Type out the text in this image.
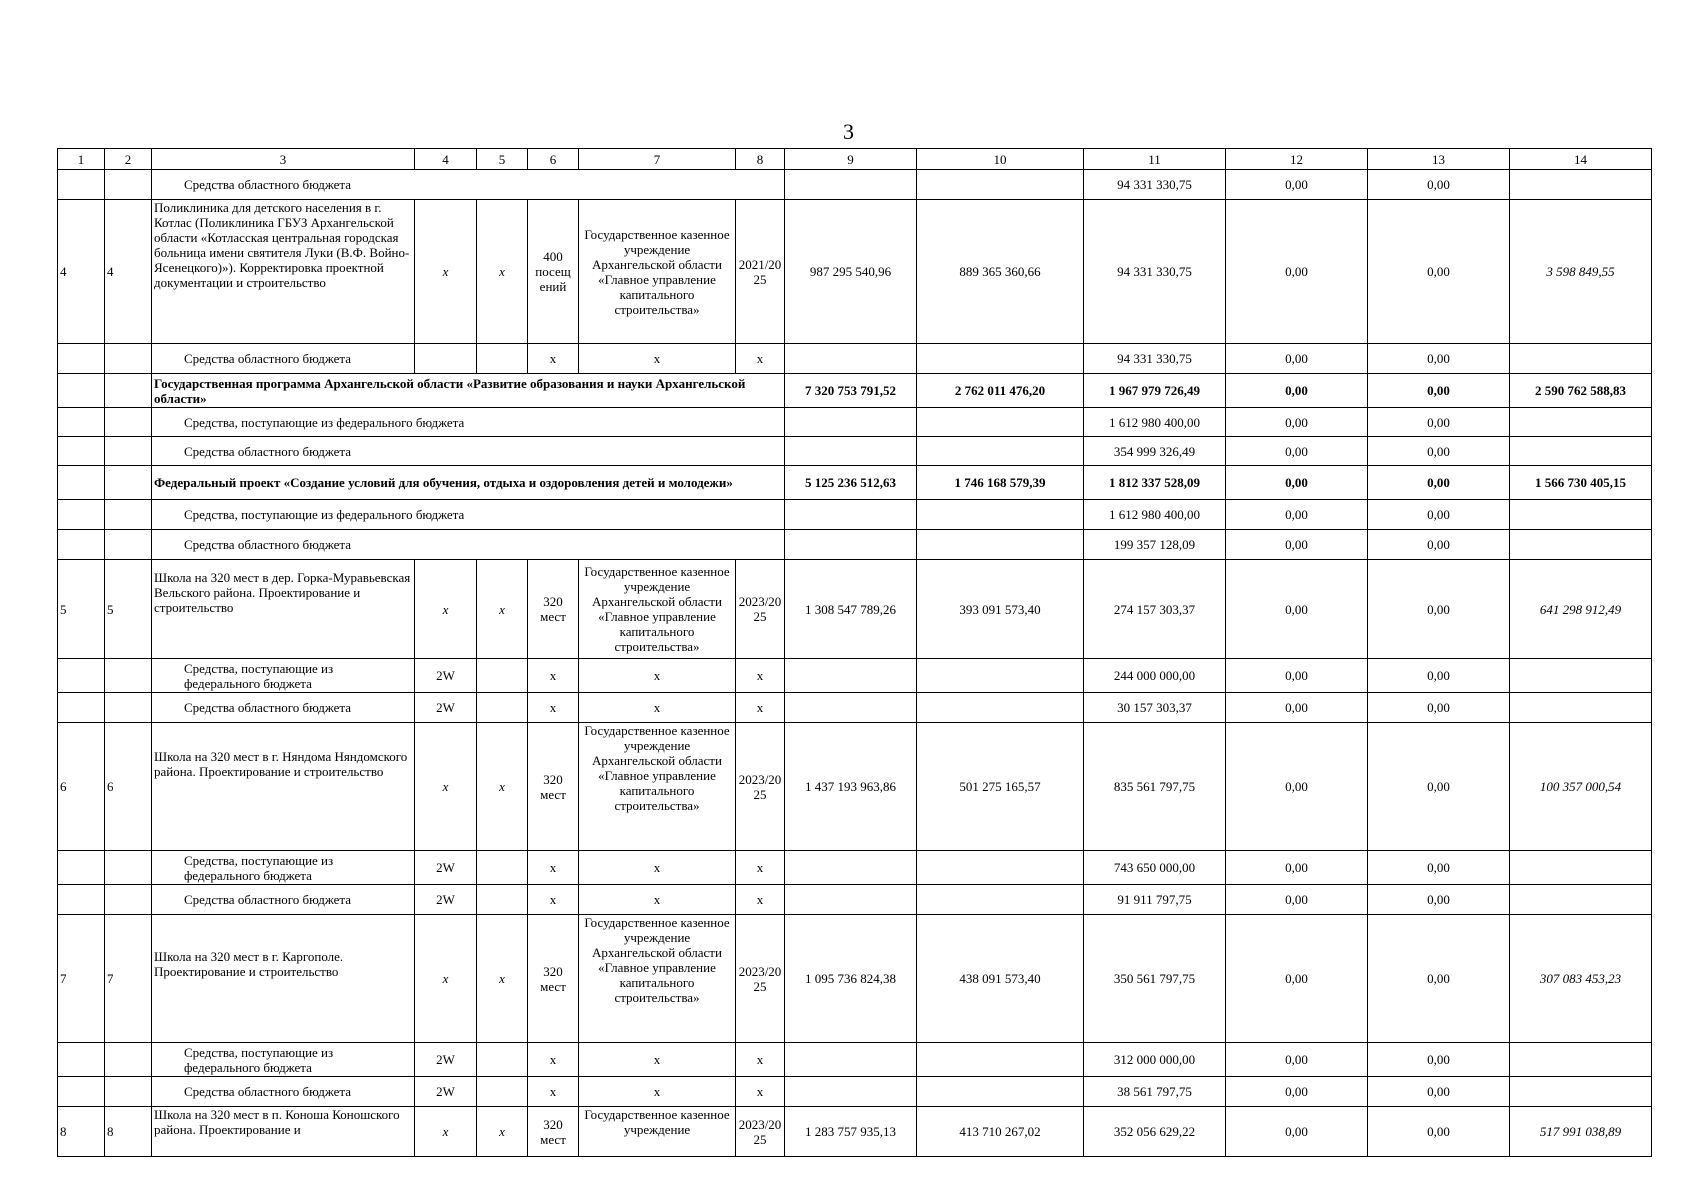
3
1	2	3	4	5	6	7	8	9	10	11	12	13	14
		Средства областного бюджета								94 331 330,75	0,00	0,00	
4	4	Поликлиника для детского населения в г. Котлас (Поликлиника ГБУЗ Архангельской области «Котласская центральная городская больница имени святителя Луки (В.Ф. Войно-Ясенецкого)»). Корректировка проектной документации и строительство	x	x	400 посещ ений	Государственное казенное учреждение Архангельской области «Главное управление капитального строительства»	2021/20 25	987 295 540,96	889 365 360,66	94 331 330,75	0,00	0,00	3 598 849,55
		Средства областного бюджета			x	x	x			94 331 330,75	0,00	0,00	
		Государственная программа Архангельской области «Развитие образования и науки Архангельской области»						7 320 753 791,52	2 762 011 476,20	1 967 979 726,49	0,00	0,00	2 590 762 588,83
		Средства, поступающие из федерального бюджета								1 612 980 400,00	0,00	0,00	
		Средства областного бюджета								354 999 326,49	0,00	0,00	
		Федеральный проект «Создание условий для обучения, отдыха и оздоровления детей и молодежи»						5 125 236 512,63	1 746 168 579,39	1 812 337 528,09	0,00	0,00	1 566 730 405,15
		Средства, поступающие из федерального бюджета								1 612 980 400,00	0,00	0,00	
		Средства областного бюджета								199 357 128,09	0,00	0,00	
5	5	Школа на 320 мест в дер. Горка-Муравьевская Вельского района. Проектирование и строительство	x	x	320 мест	Государственное казенное учреждение Архангельской области «Главное управление капитального строительства»	2023/20 25	1 308 547 789,26	393 091 573,40	274 157 303,37	0,00	0,00	641 298 912,49
		Средства, поступающие из федерального бюджета	2W		x	x	x			244 000 000,00	0,00	0,00	
		Средства областного бюджета	2W		x	x	x			30 157 303,37	0,00	0,00	
6	6	Школа на 320 мест в г. Няндома Няндомского района. Проектирование и строительство	x	x	320 мест	Государственное казенное учреждение Архангельской области «Главное управление капитального строительства»	2023/20 25	1 437 193 963,86	501 275 165,57	835 561 797,75	0,00	0,00	100 357 000,54
		Средства, поступающие из федерального бюджета	2W		x	x	x			743 650 000,00	0,00	0,00	
		Средства областного бюджета	2W		x	x	x			91 911 797,75	0,00	0,00	
7	7	Школа на 320 мест в г. Каргополе. Проектирование и строительство	x	x	320 мест	Государственное казенное учреждение Архангельской области «Главное управление капитального строительства»	2023/20 25	1 095 736 824,38	438 091 573,40	350 561 797,75	0,00	0,00	307 083 453,23
		Средства, поступающие из федерального бюджета	2W		x	x	x			312 000 000,00	0,00	0,00	
		Средства областного бюджета	2W		x	x	x			38 561 797,75	0,00	0,00	
8	8	Школа на 320 мест в п. Коноша Коношского района. Проектирование и	x	x	320 мест	Государственное казенное учреждение	2023/20 25	1 283 757 935,13	413 710 267,02	352 056 629,22	0,00	0,00	517 991 038,89
